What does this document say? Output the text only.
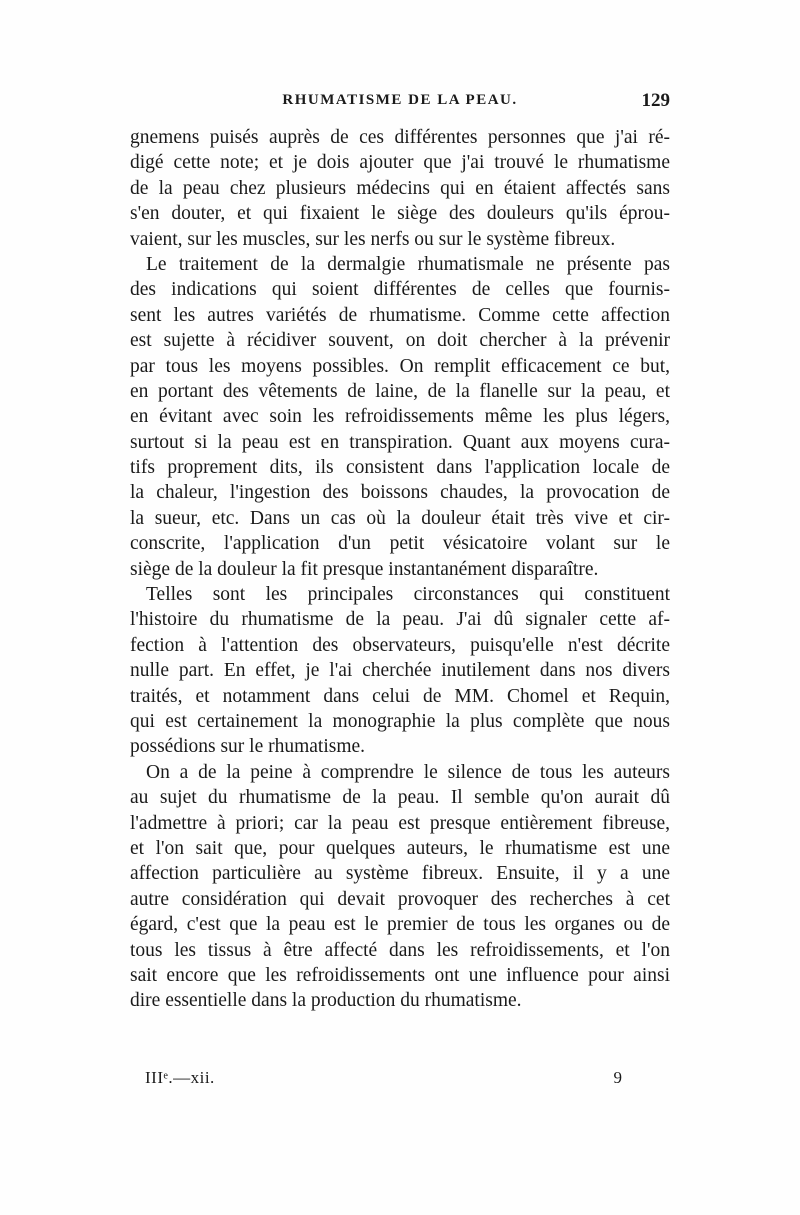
RHUMATISME DE LA PEAU.	129
gnemens puisés auprès de ces différentes personnes que j'ai ré-
digé cette note; et je dois ajouter que j'ai trouvé le rhumatisme
de la peau chez plusieurs médecins qui en étaient affectés sans
s'en douter, et qui fixaient le siège des douleurs qu'ils éprou-
vaient, sur les muscles, sur les nerfs ou sur le système fibreux.
Le traitement de la dermalgie rhumatismale ne présente pas
des indications qui soient différentes de celles que fournis-
sent les autres variétés de rhumatisme. Comme cette affection
est sujette à récidiver souvent, on doit chercher à la prévenir
par tous les moyens possibles. On remplit efficacement ce but,
en portant des vêtements de laine, de la flanelle sur la peau, et
en évitant avec soin les refroidissements même les plus légers,
surtout si la peau est en transpiration. Quant aux moyens cura-
tifs proprement dits, ils consistent dans l'application locale de
la chaleur, l'ingestion des boissons chaudes, la provocation de
la sueur, etc. Dans un cas où la douleur était très vive et cir-
conscrite, l'application d'un petit vésicatoire volant sur le
siège de la douleur la fit presque instantanément disparaître.
Telles sont les principales circonstances qui constituent
l'histoire du rhumatisme de la peau. J'ai dû signaler cette af-
fection à l'attention des observateurs, puisqu'elle n'est décrite
nulle part. En effet, je l'ai cherchée inutilement dans nos divers
traités, et notamment dans celui de MM. Chomel et Requin,
qui est certainement la monographie la plus complète que nous
possédions sur le rhumatisme.
On a de la peine à comprendre le silence de tous les auteurs
au sujet du rhumatisme de la peau. Il semble qu'on aurait dû
l'admettre à priori; car la peau est presque entièrement fibreuse,
et l'on sait que, pour quelques auteurs, le rhumatisme est une
affection particulière au système fibreux. Ensuite, il y a une
autre considération qui devait provoquer des recherches à cet
égard, c'est que la peau est le premier de tous les organes ou de
tous les tissus à être affecté dans les refroidissements, et l'on
sait encore que les refroidissements ont une influence pour ainsi
dire essentielle dans la production du rhumatisme.
IIIᵉ.—xii.	9
